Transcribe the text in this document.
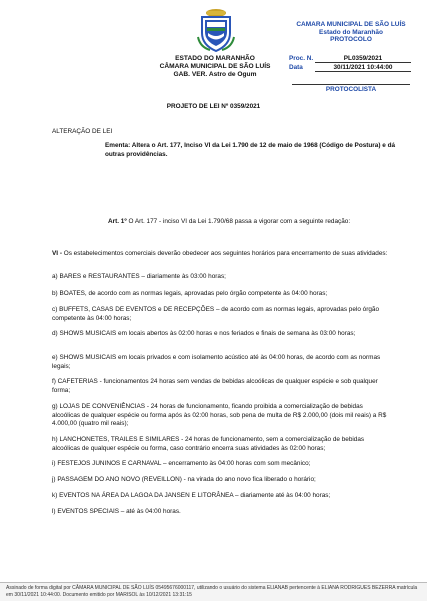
ESTADO DO MARANHÃO
CÂMARA MUNICIPAL DE SÃO LUÍS
GAB. VER. Astro de Ogum
CAMARA MUNICIPAL DE SÃO LUÍS
Estado do Maranhão
PROTOCOLO
Proc. N.	PL0359/2021
Data	30/11/2021 10:44:00
PROTOCOLISTA
PROJETO DE LEI Nº 0359/2021
ALTERAÇÃO DE LEI
Ementa: Altera o Art. 177, Inciso VI da Lei 1.790 de 12 de maio de 1968 (Código de Postura) e dá outras providências.
Art. 1º O Art. 177 - inciso VI da Lei 1.790/68 passa a vigorar com a seguinte redação:
VI - Os estabelecimentos comerciais deverão obedecer aos seguintes horários para encerramento de suas atividades:
a) BARES e RESTAURANTES – diariamente às 03:00 horas;
b) BOATES, de acordo com as normas legais, aprovadas pelo órgão competente às 04:00 horas;
c) BUFFETS, CASAS DE EVENTOS e DE RECEPÇÕES – de acordo com as normas legais, aprovadas pelo órgão competente às 04:00 horas;
d) SHOWS MUSICAIS em locais abertos às 02:00 horas e nos feriados e finais de semana às 03:00 horas;
e) SHOWS MUSICAIS em locais privados e com isolamento acústico até às 04:00 horas, de acordo com as normas legais;
f) CAFETERIAS - funcionamentos 24 horas sem vendas de bebidas alcoólicas de qualquer espécie e sob qualquer forma;
g) LOJAS DE CONVENIÊNCIAS - 24 horas de funcionamento, ficando proibida a comercialização de bebidas alcoólicas de qualquer espécie ou forma após às 02:00 horas, sob pena de multa de R$ 2.000,00 (dois mil reais) a R$ 4.000,00 (quatro mil reais);
h) LANCHONETES, TRAILES E SIMILARES - 24 horas de funcionamento, sem a comercialização de bebidas alcoólicas de qualquer espécie ou forma, caso contrário encerra suas atividades às 02:00 horas;
i) FESTEJOS JUNINOS E CARNAVAL – encerramento às 04:00 horas com som mecânico;
j) PASSAGEM DO ANO NOVO (REVEILLON) - na virada do ano novo fica liberado o horário;
k) EVENTOS NA ÁREA DA LAGOA DA JANSEN E LITORÂNEA – diariamente até às 04:00 horas;
l) EVENTOS SPECIAIS – até às 04:00 horas.
Assinado de forma digital por CÂMARA MUNICIPAL DE SÃO LUÍS 05495676000117, utilizando o usuário do sistema ELIANAB pertencente à ELIANA RODRIGUES BEZERRA matrícula em 30/11/2021 10:44:00. Documento emitido por MARISOL às 10/12/2021 13:31:15
